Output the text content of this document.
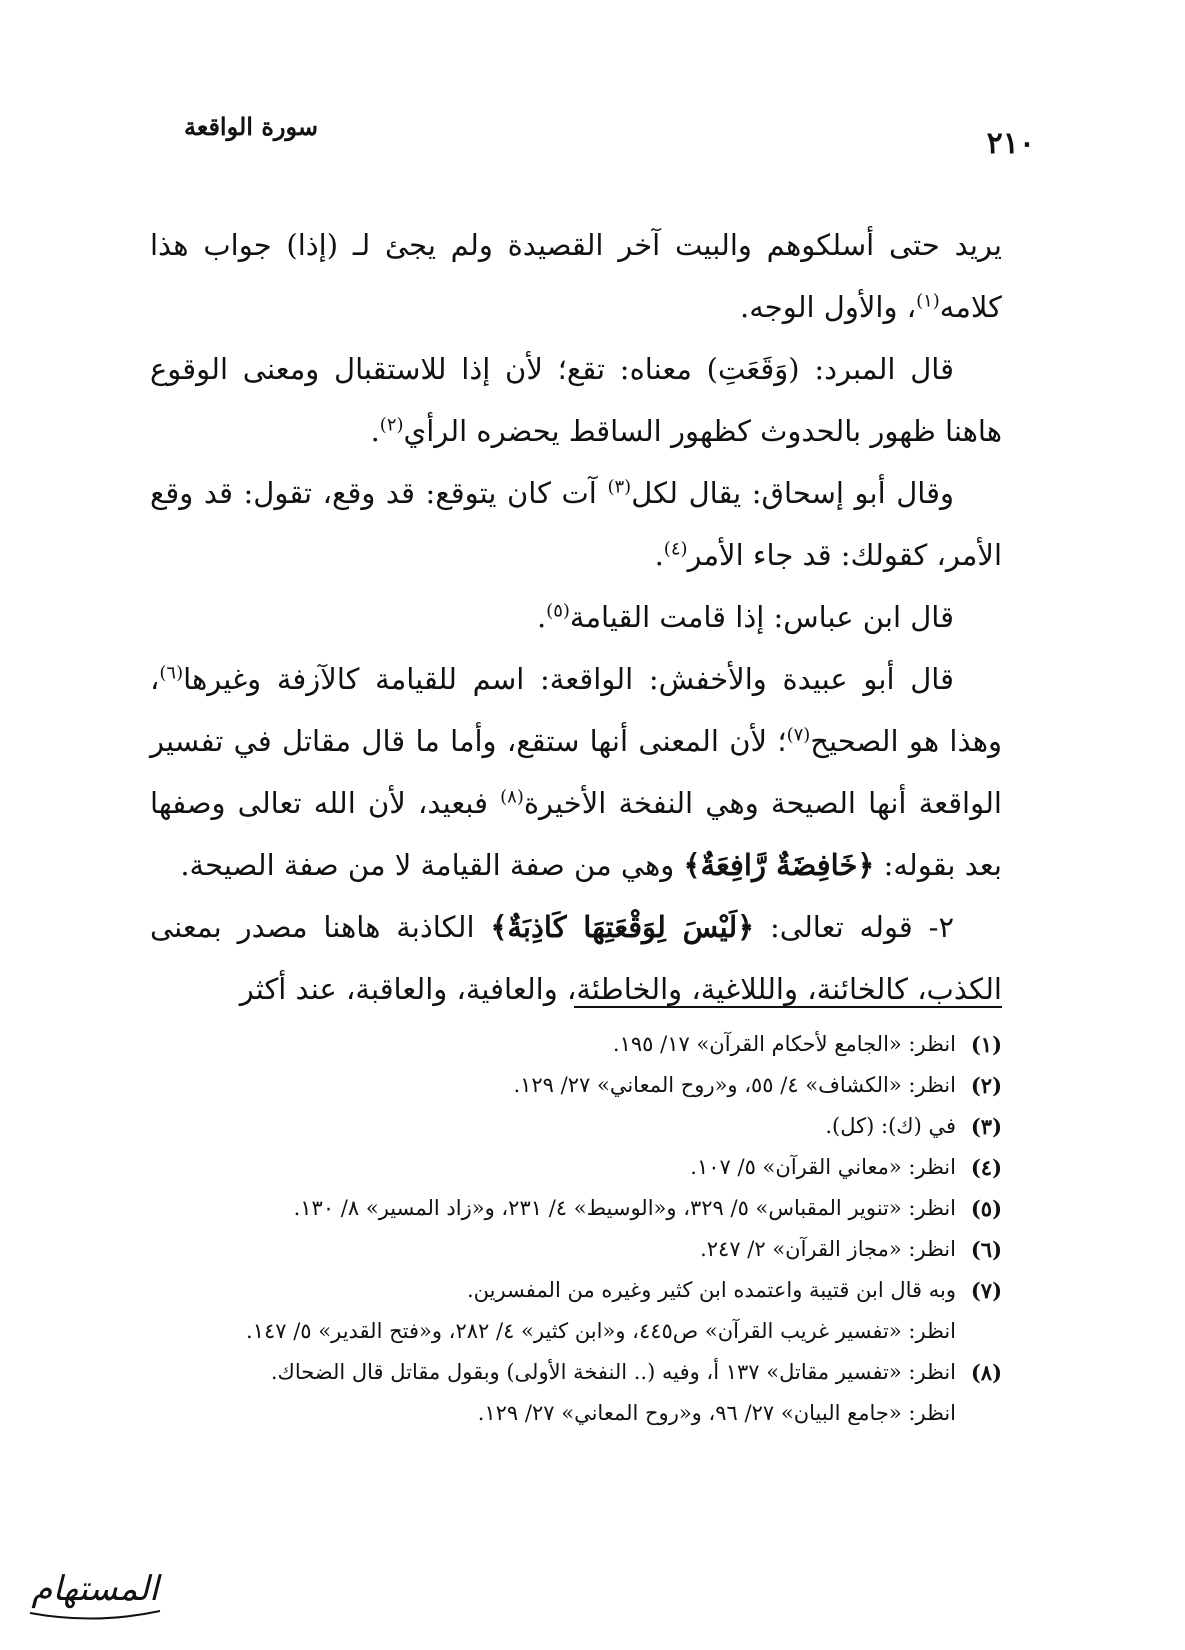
٢١٠
سورة الواقعة

يريد حتى أسلكوهم والبيت آخر القصيدة ولم يجئ لـ (إذا) جواب هذا كلامه$^{(١)}$، والأول الوجه.

قال المبرد: (وَقَعَتِ) معناه: تقع؛ لأن إذا للاستقبال ومعنى الوقوع هاهنا ظهور بالحدوث كظهور الساقط يحضره الرأي$^{(٢)}$.

وقال أبو إسحاق: يقال لكل$^{(٣)}$ آت كان يتوقع: قد وقع، تقول: قد وقع الأمر، كقولك: قد جاء الأمر$^{(٤)}$.

قال ابن عباس: إذا قامت القيامة$^{(٥)}$.

قال أبو عبيدة والأخفش: الواقعة: اسم للقيامة كالآزفة وغيرها$^{(٦)}$، وهذا هو الصحيح$^{(٧)}$؛ لأن المعنى أنها ستقع، وأما ما قال مقاتل في تفسير الواقعة أنها الصيحة وهي النفخة الأخيرة$^{(٨)}$ فبعيد، لأن الله تعالى وصفها بعد بقوله: ﴿خَافِضَةٌ رَّافِعَةٌ﴾ وهي من صفة القيامة لا من صفة الصيحة.

٢- قوله تعالى: ﴿لَيْسَ لِوَقْعَتِهَا كَاذِبَةٌ﴾ الكاذبة هاهنا مصدر بمعنى الكذب، كالخائنة، والللاغية، والخاطئة، والعافية، والعاقبة، عند أكثر

(١)
انظر: «الجامع لأحكام القرآن» ١٧/ ١٩٥.
(٢)
انظر: «الكشاف» ٤/ ٥٥، و«روح المعاني» ٢٧/ ١٢٩.
(٣)
في (ك): (كل).
(٤)
انظر: «معاني القرآن» ٥/ ١٠٧.
(٥)
انظر: «تنوير المقباس» ٥/ ٣٢٩، و«الوسيط» ٤/ ٢٣١، و«زاد المسير» ٨/ ١٣٠.
(٦)
انظر: «مجاز القرآن» ٢/ ٢٤٧.
(٧)
وبه قال ابن قتيبة واعتمده ابن كثير وغيره من المفسرين.
انظر: «تفسير غريب القرآن» ص٤٤٥، و«ابن كثير» ٤/ ٢٨٢، و«فتح القدير» ٥/ ١٤٧.
(٨)
انظر: «تفسير مقاتل» ١٣٧ أ، وفيه (.. النفخة الأولى) وبقول مقاتل قال الضحاك.
انظر: «جامع البيان» ٢٧/ ٩٦، و«روح المعاني» ٢٧/ ١٢٩.
المستهام
